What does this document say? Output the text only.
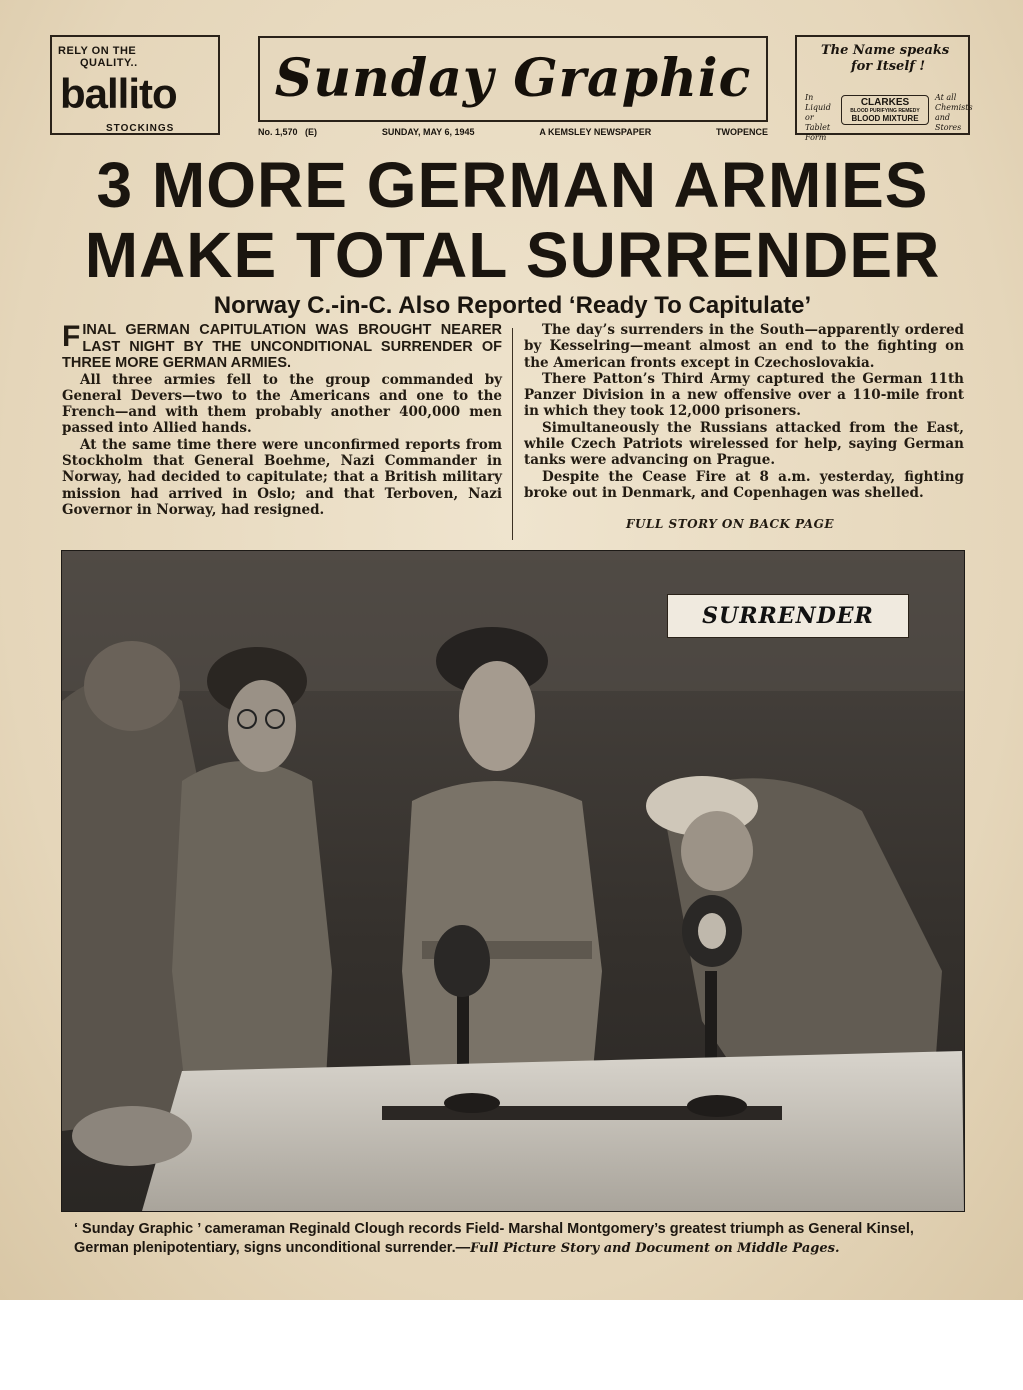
RELY ON THE QUALITY..
ballito
STOCKINGS
Sunday Graphic
No. 1,570 (E)	SUNDAY, MAY 6, 1945	A KEMSLEY NEWSPAPER	TWOPENCE
The Name speaks
for Itself !
In
Liquid
or
Tablet
Form
CLARKES
BLOOD PURIFYING REMEDY
BLOOD MIXTURE
At all
Chemists
and
Stores
3 MORE GERMAN ARMIES
MAKE TOTAL SURRENDER
Norway C.-in-C. Also Reported ‘Ready To Capitulate’
F INAL GERMAN CAPITULATION WAS BROUGHT NEARER LAST NIGHT BY THE UNCONDITIONAL SURRENDER OF THREE MORE GERMAN ARMIES.

All three armies fell to the group commanded by General Devers—two to the Americans and one to the French—and with them probably another 400,000 men passed into Allied hands.

At the same time there were unconfirmed reports from Stockholm that General Boehme, Nazi Commander in Norway, had decided to capitulate; that a British military mission had arrived in Oslo; and that Terboven, Nazi Governor in Norway, had resigned.

The day’s surrenders in the South—apparently ordered by Kesselring—meant almost an end to the fighting on the American fronts except in Czechoslovakia.

There Patton’s Third Army captured the German 11th Panzer Division in a new offensive over a 110-mile front in which they took 12,000 prisoners.

Simultaneously the Russians attacked from the East, while Czech Patriots wirelessed for help, saying German tanks were advancing on Prague.

Despite the Cease Fire at 8 a.m. yesterday, fighting broke out in Denmark, and Copenhagen was shelled.

FULL STORY ON BACK PAGE
SURRENDER
‘ Sunday Graphic ’ cameraman Reginald Clough records Field- Marshal Montgomery’s greatest triumph as General Kinsel, German plenipotentiary, signs unconditional surrender.—Full Picture Story and Document on Middle Pages.
